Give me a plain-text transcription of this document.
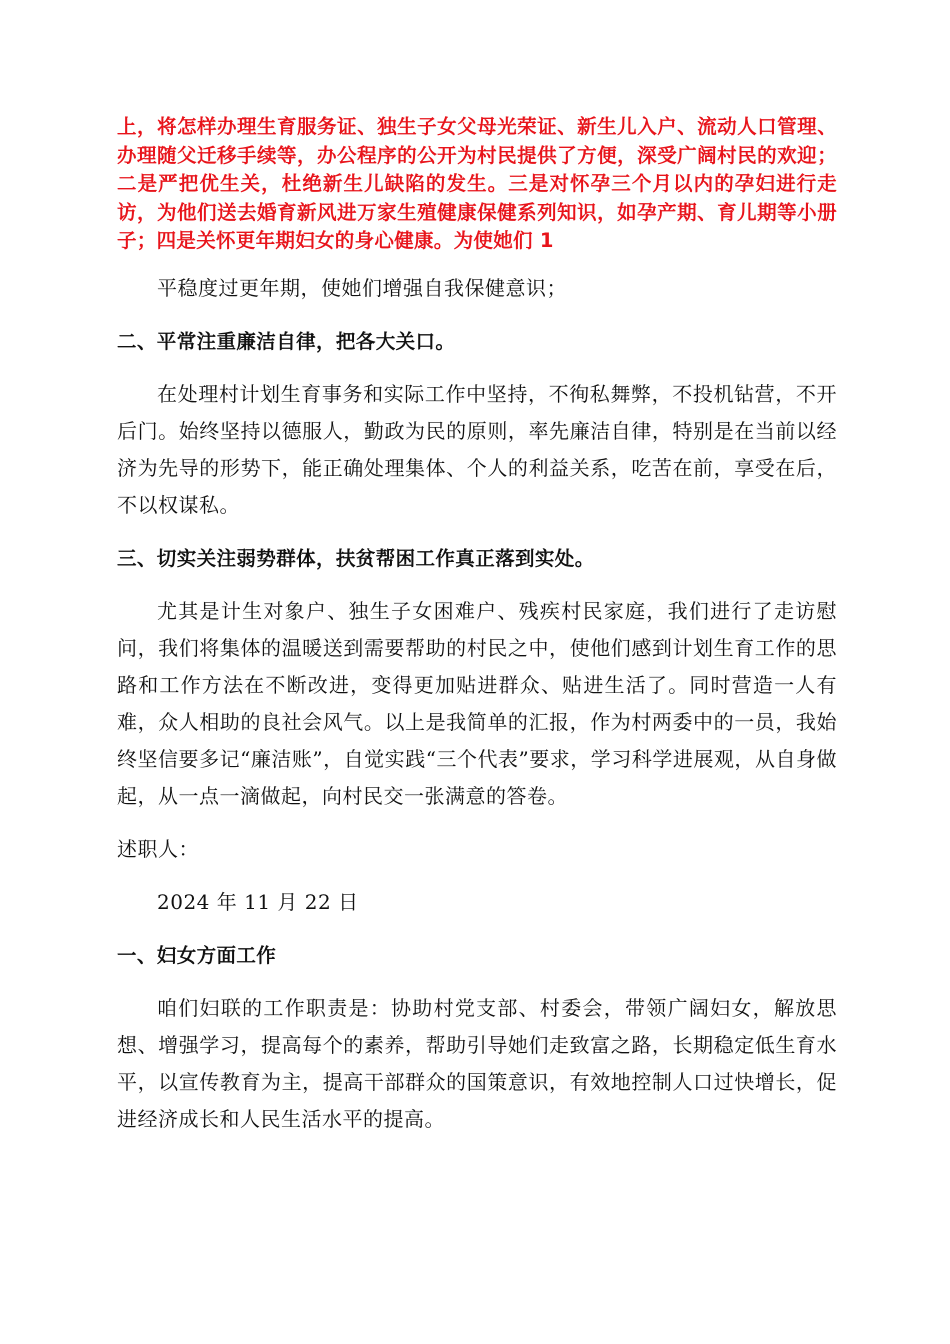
上，将怎样办理生育服务证、独生子女父母光荣证、新生儿入户、流动人口管理、办理随父迁移手续等，办公程序的公开为村民提供了方便，深受广阔村民的欢迎；二是严把优生关，杜绝新生儿缺陷的发生。三是对怀孕三个月以内的孕妇进行走访，为他们送去婚育新风进万家生殖健康保健系列知识，如孕产期、育儿期等小册子；四是关怀更年期妇女的身心健康。为使她们 1

平稳度过更年期，使她们增强自我保健意识；

二、平常注重廉洁自律，把各大关口。

在处理村计划生育事务和实际工作中坚持，不徇私舞弊，不投机钻营，不开后门。始终坚持以德服人，勤政为民的原则，率先廉洁自律，特别是在当前以经济为先导的形势下，能正确处理集体、个人的利益关系，吃苦在前，享受在后，不以权谋私。

三、切实关注弱势群体，扶贫帮困工作真正落到实处。

尤其是计生对象户、独生子女困难户、残疾村民家庭，我们进行了走访慰问，我们将集体的温暖送到需要帮助的村民之中，使他们感到计划生育工作的思路和工作方法在不断改进，变得更加贴进群众、贴进生活了。同时营造一人有难，众人相助的良社会风气。以上是我简单的汇报，作为村两委中的一员，我始终坚信要多记“廉洁账”，自觉实践“三个代表”要求，学习科学进展观，从自身做起，从一点一滴做起，向村民交一张满意的答卷。

述职人：

2024 年 11 月 22 日

一、妇女方面工作

咱们妇联的工作职责是：协助村党支部、村委会，带领广阔妇女，解放思想、增强学习，提高每个的素养，帮助引导她们走致富之路，长期稳定低生育水平，以宣传教育为主，提高干部群众的国策意识，有效地控制人口过快增长，促进经济成长和人民生活水平的提高。
